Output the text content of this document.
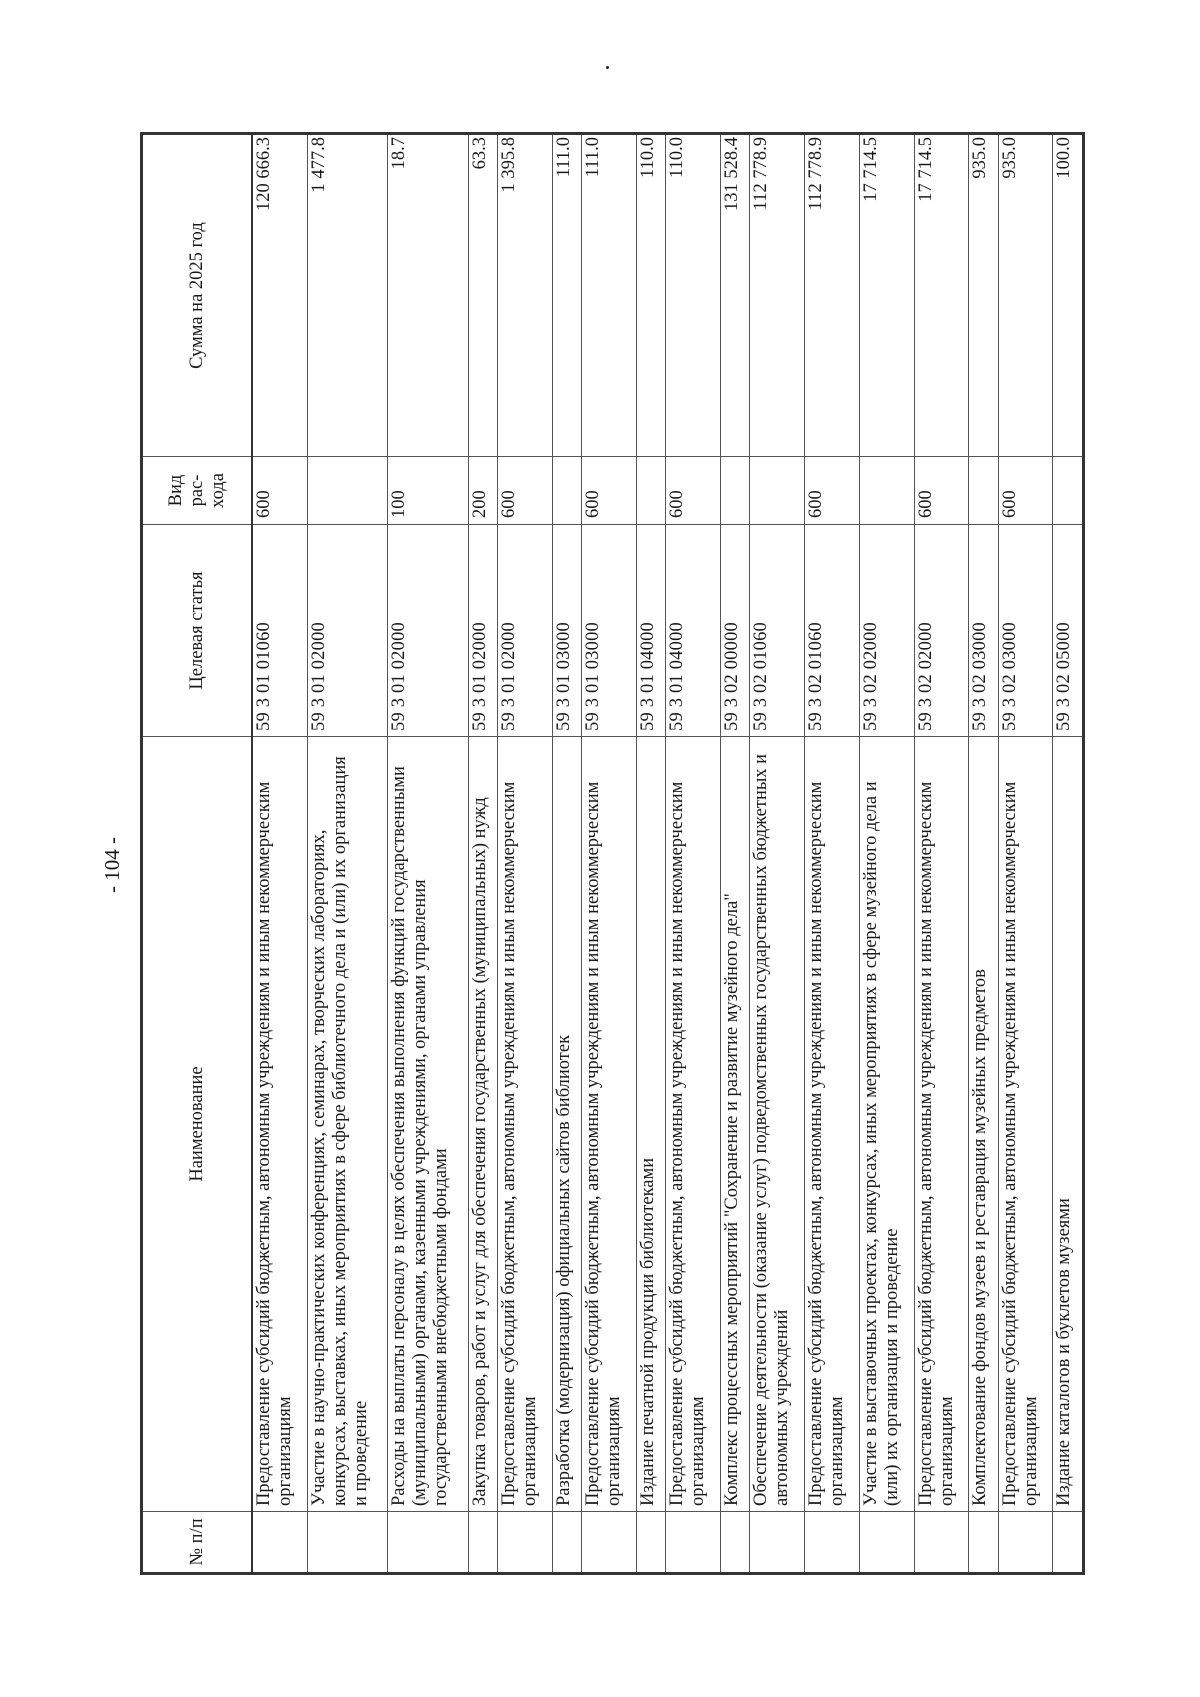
- 104 -
№ п/п	Наименование	Целевая статья	Вид рас-хода	Сумма на 2025 год
	Предоставление субсидий бюджетным, автономным учреждениям и иным некоммерческим организациям	59 3 01 01060	600	120 666.3
	Участие в научно-практических конференциях, семинарах, творческих лабораториях, конкурсах, выставках, иных мероприятиях в сфере библиотечного дела и (или) их организация и проведение	59 3 01 02000		1 477.8
	Расходы на выплаты персоналу в целях обеспечения выполнения функций государственными (муниципальными) органами, казенными учреждениями, органами управления государственными внебюджетными фондами	59 3 01 02000	100	18.7
	Закупка товаров, работ и услуг для обеспечения государственных (муниципальных) нужд	59 3 01 02000	200	63.3
	Предоставление субсидий бюджетным, автономным учреждениям и иным некоммерческим организациям	59 3 01 02000	600	1 395.8
	Разработка (модернизация) официальных сайтов библиотек	59 3 01 03000		111.0
	Предоставление субсидий бюджетным, автономным учреждениям и иным некоммерческим организациям	59 3 01 03000	600	111.0
	Издание печатной продукции библиотеками	59 3 01 04000		110.0
	Предоставление субсидий бюджетным, автономным учреждениям и иным некоммерческим организациям	59 3 01 04000	600	110.0
	Комплекс процессных мероприятий "Сохранение и развитие музейного дела"	59 3 02 00000		131 528.4
	Обеспечение деятельности (оказание услуг) подведомственных государственных бюджетных и автономных учреждений	59 3 02 01060		112 778.9
	Предоставление субсидий бюджетным, автономным учреждениям и иным некоммерческим организациям	59 3 02 01060	600	112 778.9
	Участие в выставочных проектах, конкурсах, иных мероприятиях в сфере музейного дела и (или) их организация и проведение	59 3 02 02000		17 714.5
	Предоставление субсидий бюджетным, автономным учреждениям и иным некоммерческим организациям	59 3 02 02000	600	17 714.5
	Комплектование фондов музеев и реставрация музейных предметов	59 3 02 03000		935.0
	Предоставление субсидий бюджетным, автономным учреждениям и иным некоммерческим организациям	59 3 02 03000	600	935.0
	Издание каталогов и буклетов музеями	59 3 02 05000		100.0
